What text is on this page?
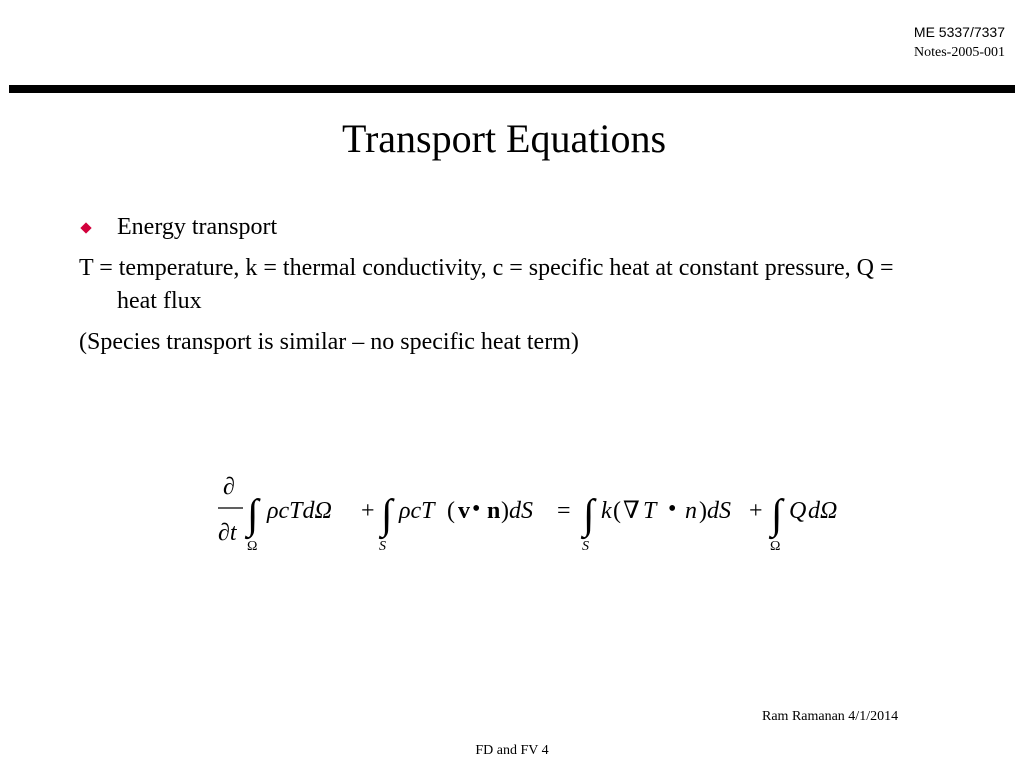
ME 5337/7337
Notes-2005-001
Transport Equations
Energy transport
T = temperature, k = thermal conductivity, c = specific heat at constant pressure, Q = heat flux
(Species transport is similar – no specific heat term)
∂
∂t ∫
Ω
ρcTdΩ + ∫
S
ρcT ( v • n ) dS = ∫
S
k ( ∇ T • n ) dS + ∫
Ω
Q dΩ
Ram Ramanan 4/1/2014
FD and FV 4
